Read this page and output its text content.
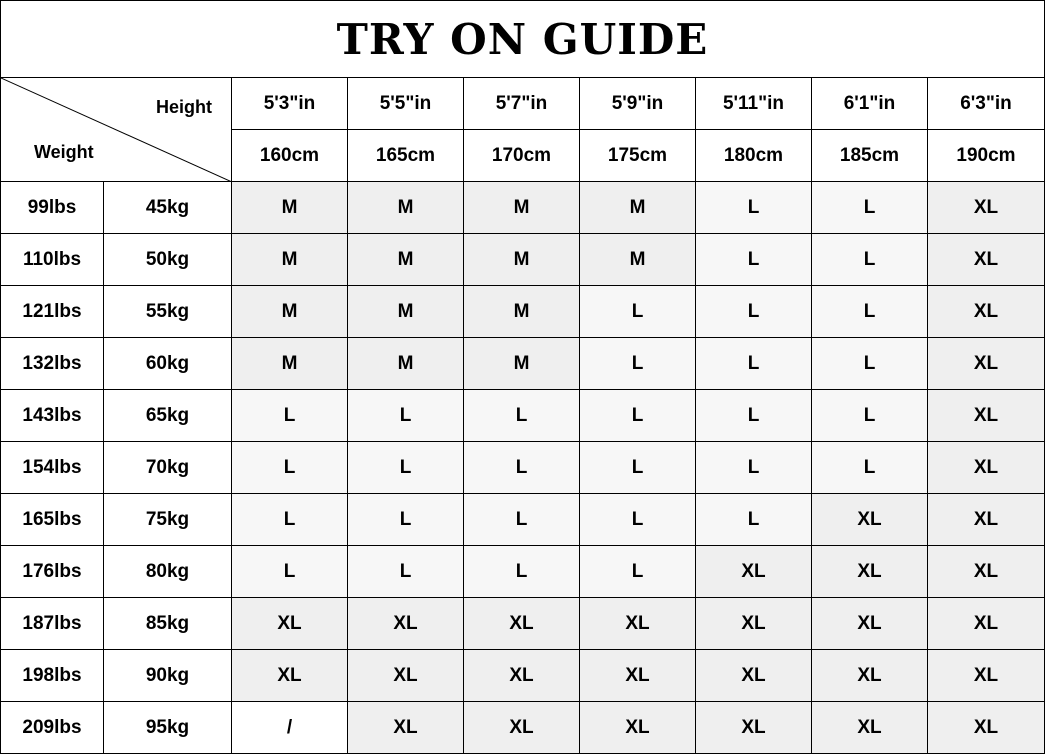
TRY ON GUIDE
Height
Weight		5'3"in	5'5"in	5'7"in	5'9"in	5'11"in	6'1"in	6'3"in
		160cm	165cm	170cm	175cm	180cm	185cm	190cm
99lbs	45kg	M	M	M	M	L	L	XL
110lbs	50kg	M	M	M	M	L	L	XL
121lbs	55kg	M	M	M	L	L	L	XL
132lbs	60kg	M	M	M	L	L	L	XL
143lbs	65kg	L	L	L	L	L	L	XL
154lbs	70kg	L	L	L	L	L	L	XL
165lbs	75kg	L	L	L	L	L	XL	XL
176lbs	80kg	L	L	L	L	XL	XL	XL
187lbs	85kg	XL	XL	XL	XL	XL	XL	XL
198lbs	90kg	XL	XL	XL	XL	XL	XL	XL
209lbs	95kg	/	XL	XL	XL	XL	XL	XL
